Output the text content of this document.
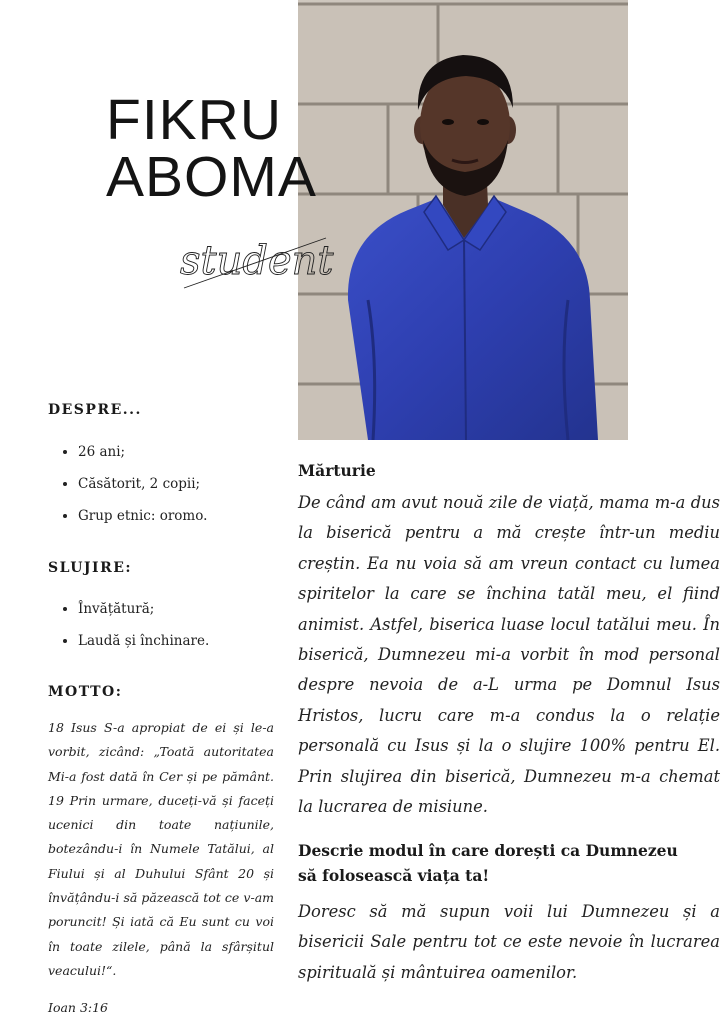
FIKRU
ABOMA
student
DESPRE...
• 26 ani;
• Căsătorit, 2 copii;
• Grup etnic: oromo.
SLUJIRE:
• Învățătură;
• Laudă și închinare.
MOTTO:
18 Isus S-a apropiat de ei și le-a vorbit, zicând: „Toată autoritatea Mi-a fost dată în Cer și pe pământ. 19 Prin urmare, duceți-vă și faceți ucenici din toate națiunile, botezându-i în Numele Tatălui, al Fiului și al Duhului Sfânt 20 și învățându-i să păzească tot ce v-am poruncit! Și iată că Eu sunt cu voi în toate zilele, până la sfârșitul veacului!“.
Ioan 3:16
Mărturie
De când am avut nouă zile de viață, mama m-a dus la biserică pentru a mă crește într-un mediu creștin. Ea nu voia să am vreun contact cu lumea spiritelor la care se închina tatăl meu, el fiind animist. Astfel, biserica luase locul tatălui meu. În biserică, Dumnezeu mi-a vorbit în mod personal despre nevoia de a-L urma pe Domnul Isus Hristos, lucru care m-a condus la o relație personală cu Isus și la o slujire 100% pentru El. Prin slujirea din biserică, Dumnezeu m-a chemat la lucrarea de misiune.
Descrie modul în care dorești ca Dumnezeu să folosească viața ta!
Doresc să mă supun voii lui Dumnezeu și a bisericii Sale pentru tot ce este nevoie în lucrarea spirituală și mântuirea oamenilor.
